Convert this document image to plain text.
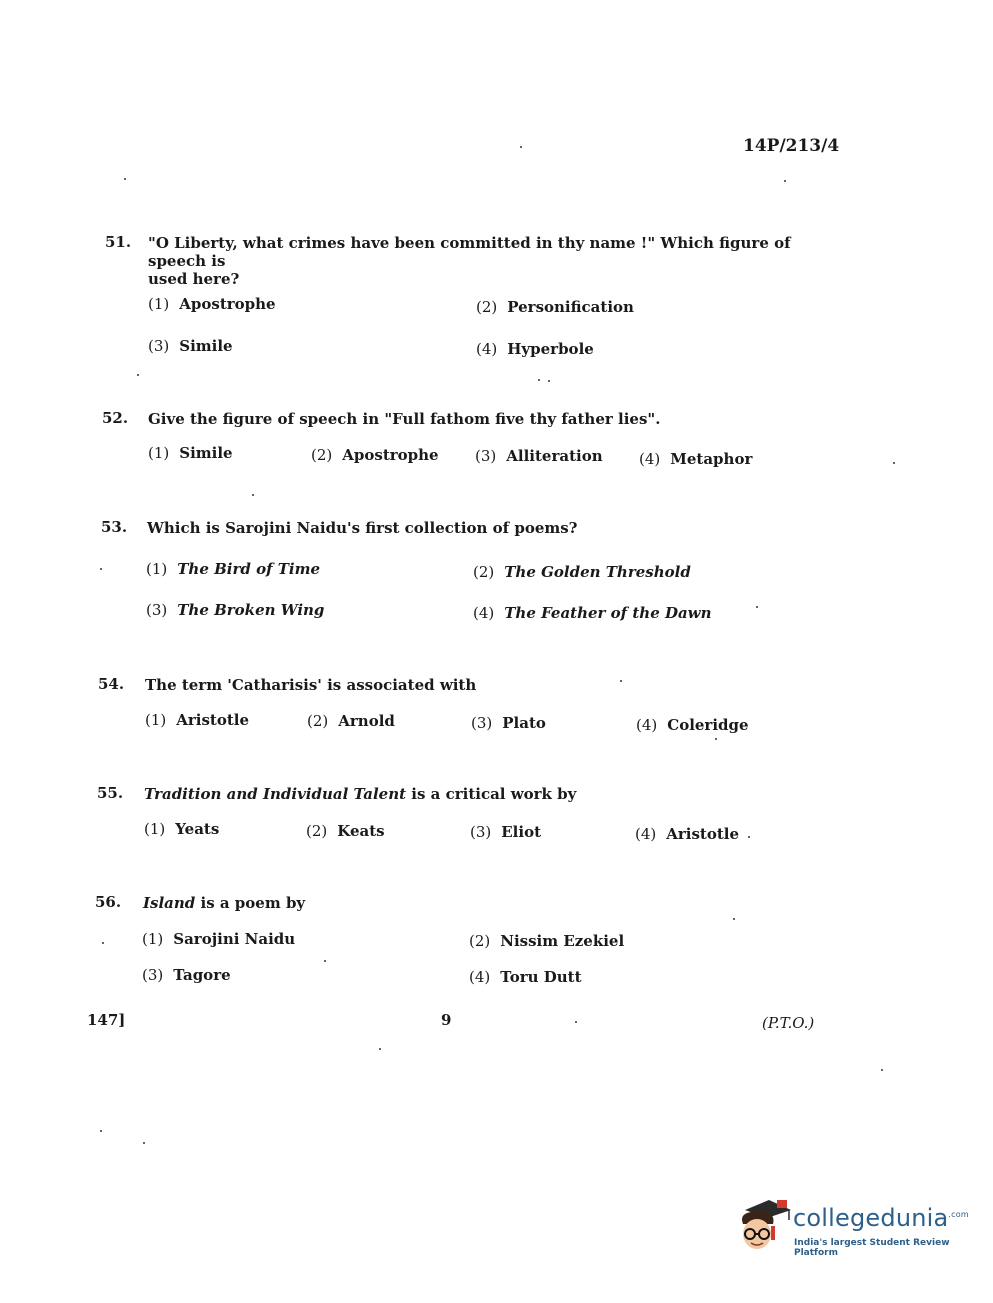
14P/213/4
51. "O Liberty, what crimes have been committed in thy name !" Which figure of speech is
used here?
(1) Apostrophe	(2) Personification
(3) Simile	(4) Hyperbole
52. Give the figure of speech in "Full fathom five thy father lies".
(1) Simile	(2) Apostrophe (3) Alliteration (4) Metaphor
53. Which is Sarojini Naidu's first collection of poems?
(1) The Bird of Time	(2) The Golden Threshold
(3) The Broken Wing	(4) The Feather of the Dawn
54. The term 'Catharisis' is associated with
(1) Aristotle	(2) Arnold	(3) Plato	(4) Coleridge
55. Tradition and Individual Talent is a critical work by
(1) Yeats	(2) Keats	(3) Eliot	(4) Aristotle
56. Island is a poem by
(1) Sarojini Naidu	(2) Nissim Ezekiel
(3) Tagore	(4) Toru Dutt
147]	9	(P.T.O.)
collegedunia$^{.com}$
India's largest Student Review Platform
